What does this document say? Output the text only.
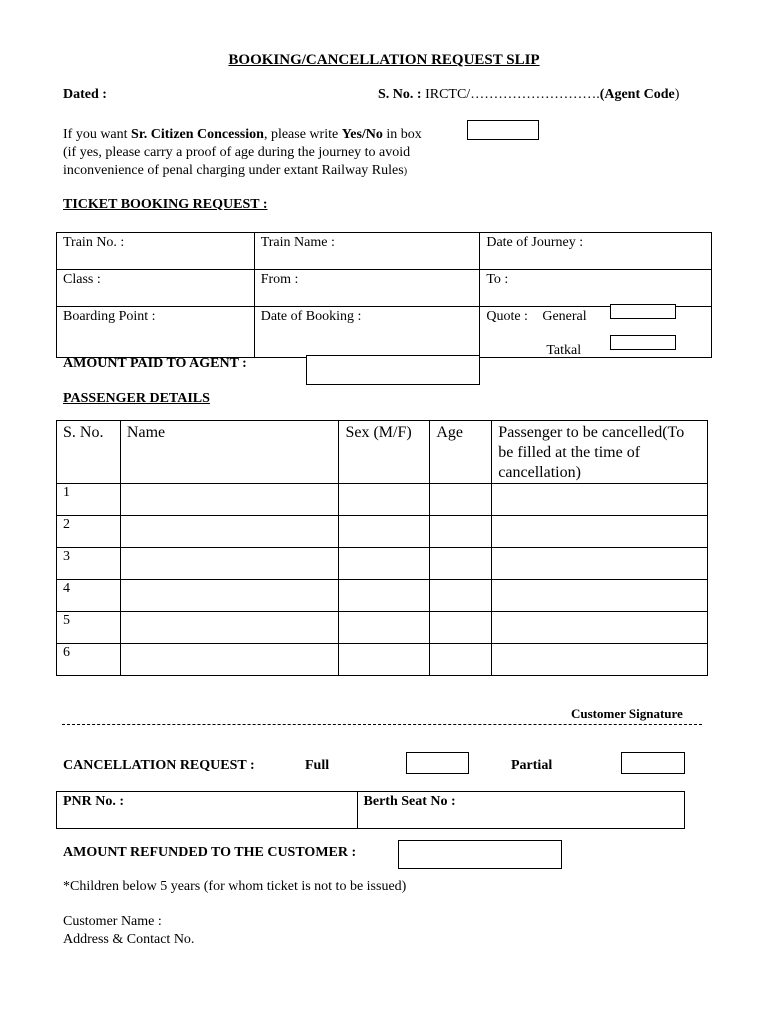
BOOKING/CANCELLATION REQUEST SLIP
Dated :	S. No. : IRCTC/……………………….(Agent Code)
If you want Sr. Citizen Concession, please write Yes/No in box
(if yes, please carry a proof of age during the journey to avoid
inconvenience of penal charging under extant Railway Rules)
TICKET BOOKING REQUEST :
Train No. :	Train Name :	Date of Journey :
Class :	From :	To :
Boarding Point :	Date of Booking :	Quote : General
Tatkal
AMOUNT PAID TO AGENT :
PASSENGER DETAILS
S. No.	Name	Sex (M/F)	Age	Passenger to be cancelled(To be filled at the time of cancellation)
1				
2				
3				
4				
5				
6				
Customer Signature
CANCELLATION REQUEST :	Full	Partial
PNR No. :	Berth Seat No :
AMOUNT REFUNDED TO THE CUSTOMER :
*Children below 5 years (for whom ticket is not to be issued)
Customer Name :
Address & Contact No.
